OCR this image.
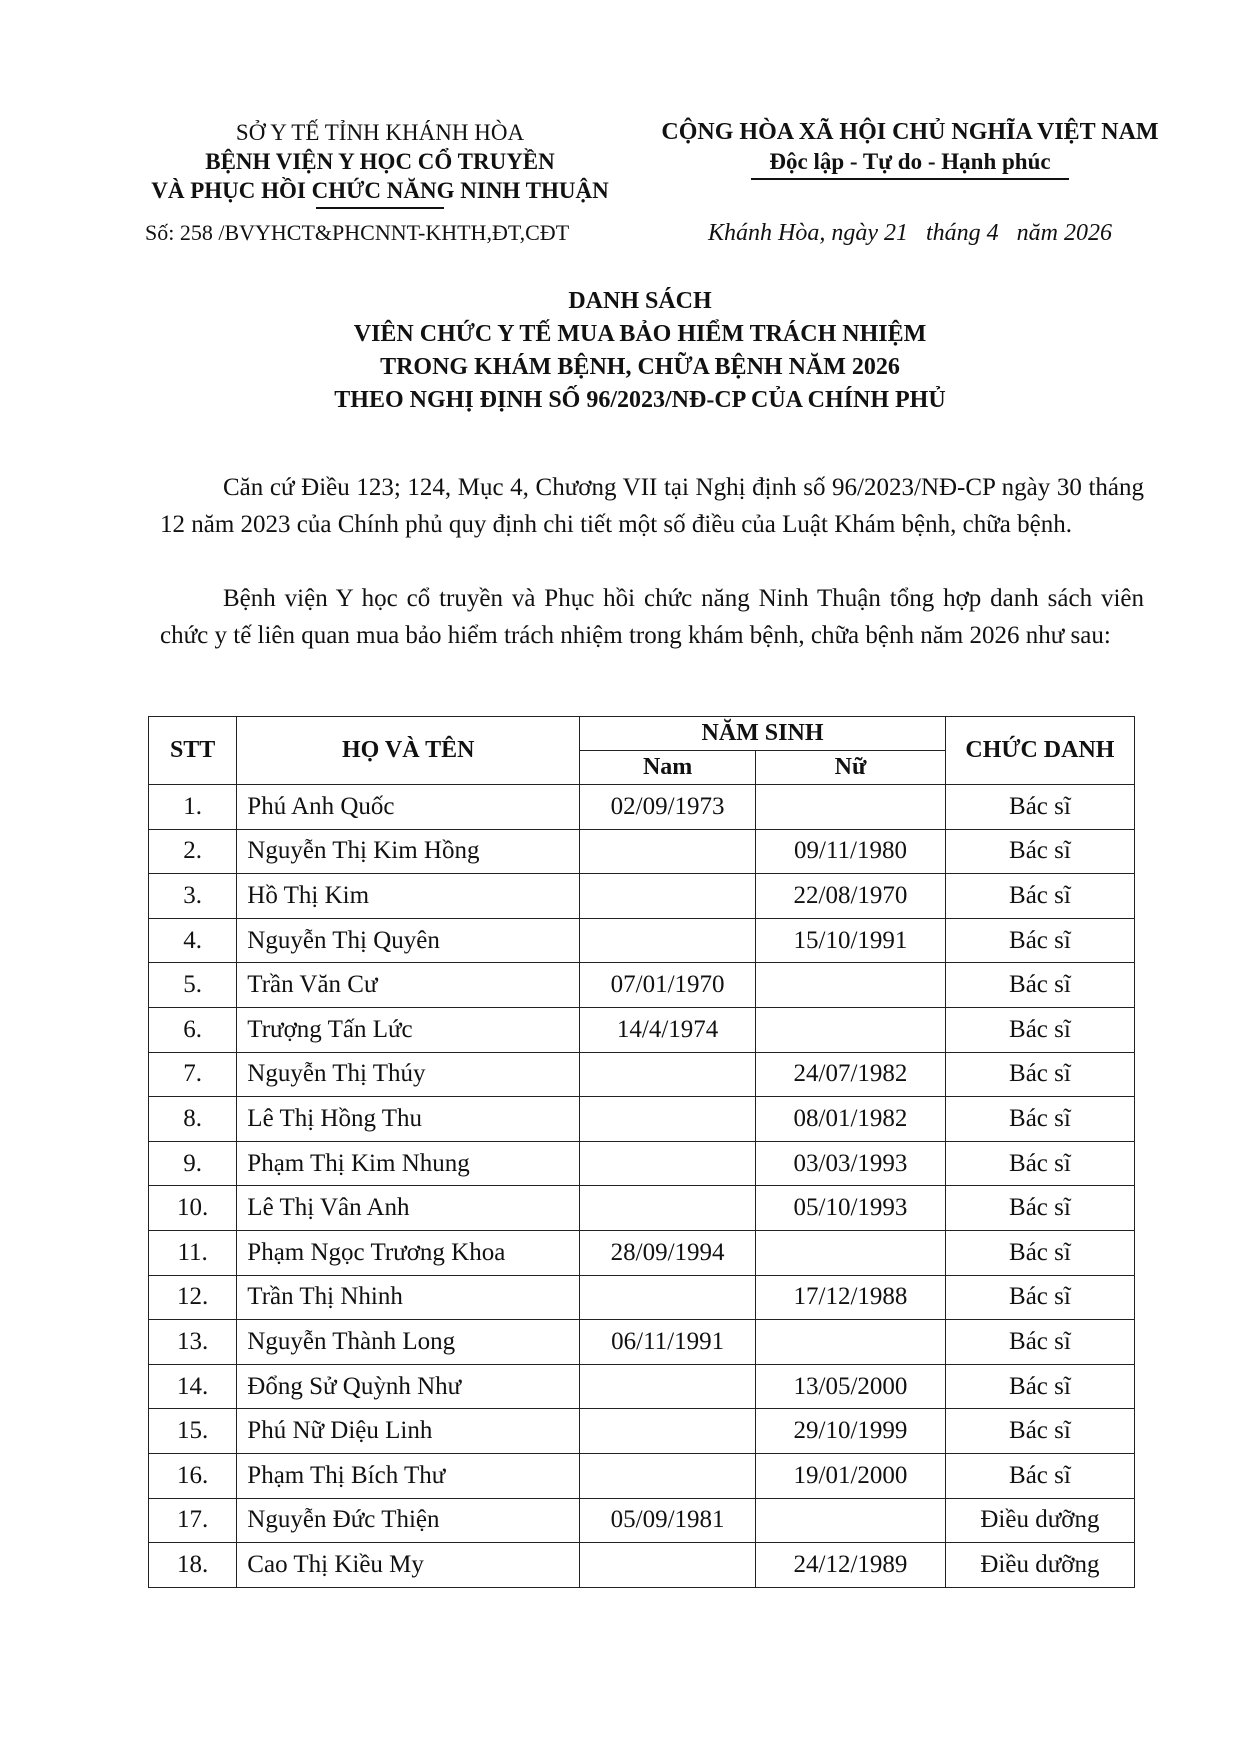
SỞ Y TẾ TỈNH KHÁNH HÒA
BỆNH VIỆN Y HỌC CỔ TRUYỀN
VÀ PHỤC HỒI CHỨC NĂNG NINH THUẬN
Số: 258 /BVYHCT&PHCNNT-KHTH,ĐT,CĐT
CỘNG HÒA XÃ HỘI CHỦ NGHĨA VIỆT NAM
Độc lập - Tự do - Hạnh phúc
Khánh Hòa, ngày 21   tháng 4   năm 2026
DANH SÁCH
VIÊN CHỨC Y TẾ MUA BẢO HIỂM TRÁCH NHIỆM
TRONG KHÁM BỆNH, CHỮA BỆNH NĂM 2026
THEO NGHỊ ĐỊNH SỐ 96/2023/NĐ-CP CỦA CHÍNH PHỦ
Căn cứ Điều 123; 124, Mục 4, Chương VII tại Nghị định số 96/2023/NĐ-CP ngày 30 tháng 12 năm 2023 của Chính phủ quy định chi tiết một số điều của Luật Khám bệnh, chữa bệnh.
Bệnh viện Y học cổ truyền và Phục hồi chức năng Ninh Thuận tổng hợp danh sách viên chức y tế liên quan mua bảo hiểm trách nhiệm trong khám bệnh, chữa bệnh năm 2026 như sau:
STT	HỌ VÀ TÊN	NĂM SINH		CHỨC DANH
		Nam	Nữ	
1.	Phú Anh Quốc	02/09/1973		Bác sĩ
2.	Nguyễn Thị Kim Hồng		09/11/1980	Bác sĩ
3.	Hồ Thị Kim		22/08/1970	Bác sĩ
4.	Nguyễn Thị Quyên		15/10/1991	Bác sĩ
5.	Trần Văn Cư	07/01/1970		Bác sĩ
6.	Trượng Tấn Lức	14/4/1974		Bác sĩ
7.	Nguyễn Thị Thúy		24/07/1982	Bác sĩ
8.	Lê Thị Hồng Thu		08/01/1982	Bác sĩ
9.	Phạm Thị Kim Nhung		03/03/1993	Bác sĩ
10.	Lê Thị Vân Anh		05/10/1993	Bác sĩ
11.	Phạm Ngọc Trương Khoa	28/09/1994		Bác sĩ
12.	Trần Thị Nhinh		17/12/1988	Bác sĩ
13.	Nguyễn Thành Long	06/11/1991		Bác sĩ
14.	Đổng Sử Quỳnh Như		13/05/2000	Bác sĩ
15.	Phú Nữ Diệu Linh		29/10/1999	Bác sĩ
16.	Phạm Thị Bích Thư		19/01/2000	Bác sĩ
17.	Nguyễn Đức Thiện	05/09/1981		Điều dưỡng
18.	Cao Thị Kiều My		24/12/1989	Điều dưỡng
